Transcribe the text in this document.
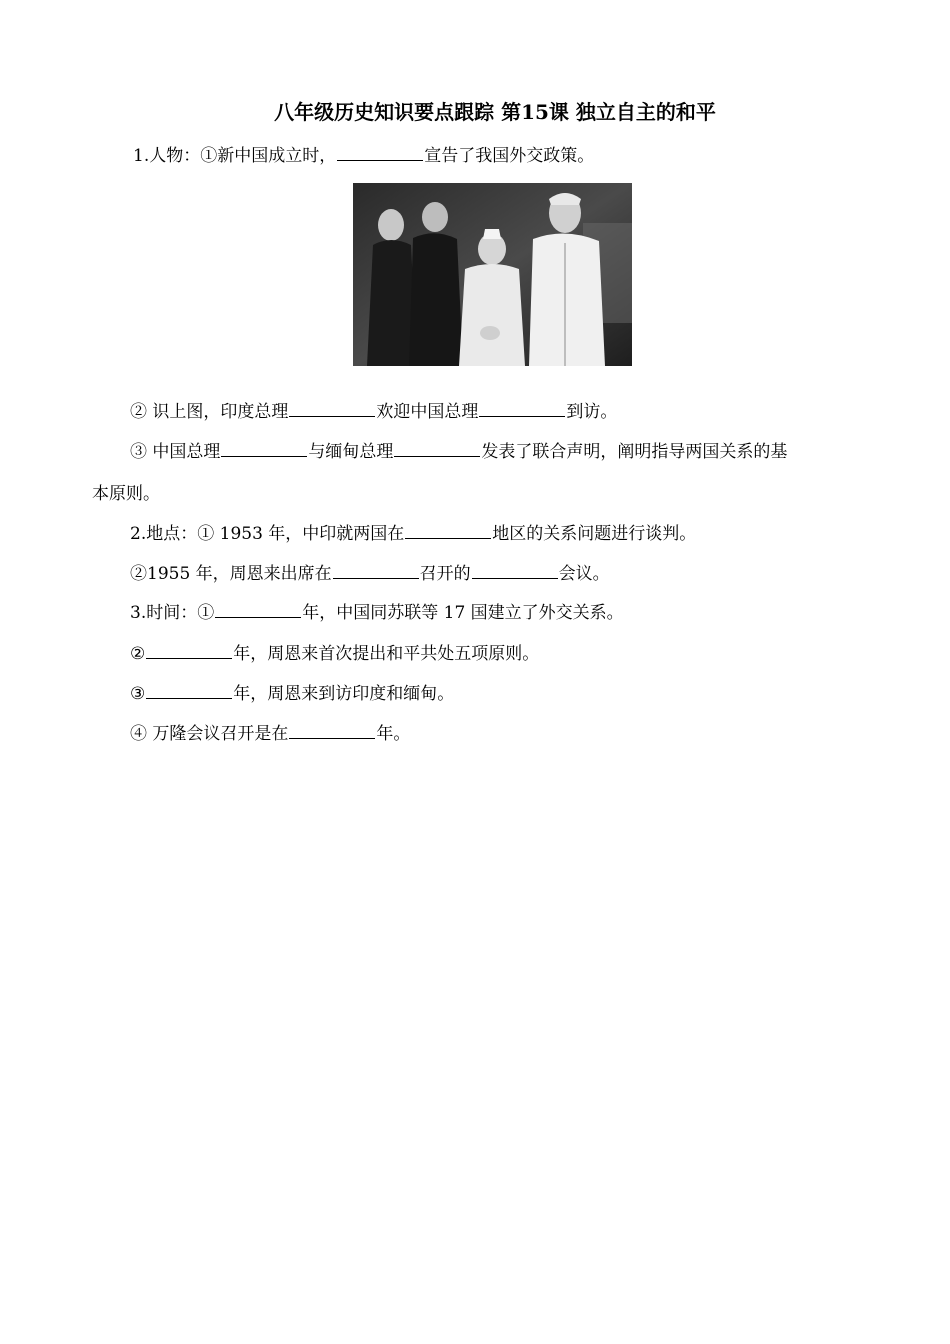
八年级历史知识要点跟踪 第15课 独立自主的和平
1.人物：①新中国成立时，	宣告了我国外交政策。
② 识上图，印度总理	欢迎中国总理	到访。
③ 中国总理	与缅甸总理	发表了联合声明，阐明指导两国关系的基
本原则。
2.地点：① 1953 年，中印就两国在	地区的关系问题进行谈判。
②1955 年，周恩来出席在	召开的	会议。
3.时间：①	年，中国同苏联等 17 国建立了外交关系。
②	年，周恩来首次提出和平共处五项原则。
③	年，周恩来到访印度和缅甸。
④ 万隆会议召开是在	年。
